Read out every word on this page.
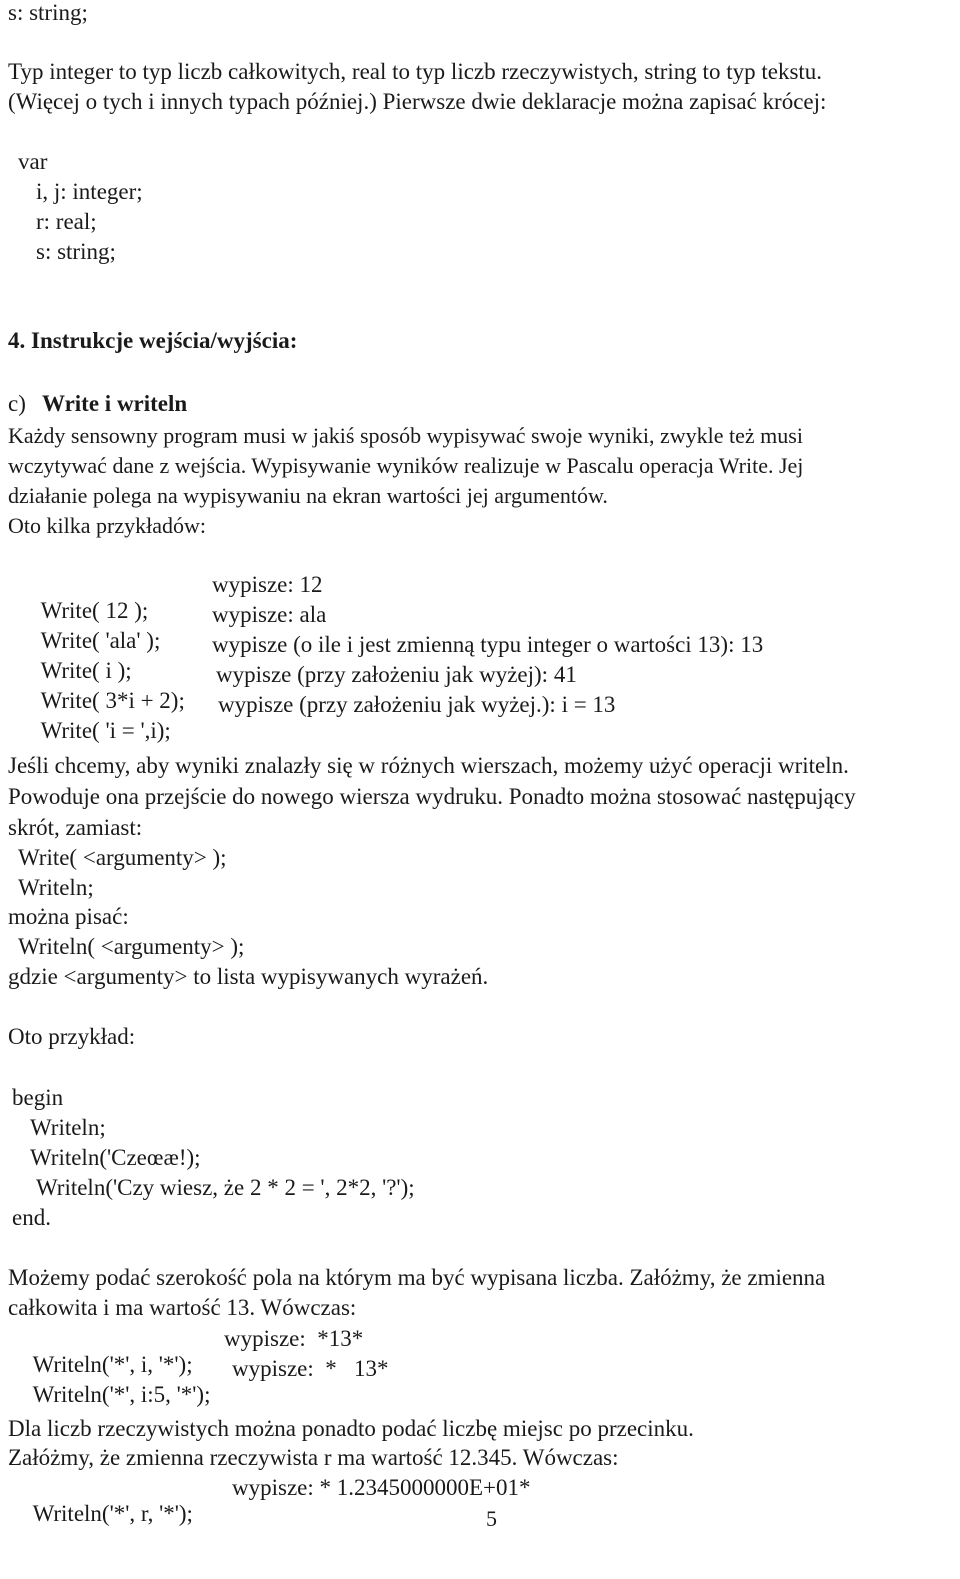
s: string;
Typ integer to typ liczb całkowitych, real to typ liczb rzeczywistych, string to typ tekstu.
(Więcej o tych i innych typach później.) Pierwsze dwie deklaracje można zapisać krócej:
var
i, j: integer;
r: real;
s: string;
4. Instrukcje wejścia/wyjścia:
c) Write i writeln
Każdy sensowny program musi w jakiś sposób wypisywać swoje wyniki, zwykle też musi
wczytywać dane z wejścia. Wypisywanie wyników realizuje w Pascalu operacja Write. Jej
działanie polega na wypisywaniu na ekran wartości jej argumentów.
Oto kilka przykładów:

Write( 12 );

wypisze: 12

Write( 'ala' );

wypisze: ala

Write( i );

wypisze (o ile i jest zmienną typu integer o wartości 13): 13

Write( 3*i + 2);

wypisze (przy założeniu jak wyżej): 41

Write( 'i = ',i);

wypisze (przy założeniu jak wyżej.): i = 13

Jeśli chcemy, aby wyniki znalazły się w różnych wierszach, możemy użyć operacji writeln.
Powoduje ona przejście do nowego wiersza wydruku. Ponadto można stosować następujący
skrót, zamiast:
Write( <argumenty> );
Writeln;
można pisać:
Writeln( <argumenty> );
gdzie <argumenty> to lista wypisywanych wyrażeń.
Oto przykład:
begin
Writeln;
Writeln('Czeœæ!);
Writeln('Czy wiesz, że 2 * 2 = ', 2*2, '?');
end.
Możemy podać szerokość pola na którym ma być wypisana liczba. Załóżmy, że zmienna
całkowita i ma wartość 13. Wówczas:

Writeln('*', i, '*');

wypisze:  *13*

Writeln('*', i:5, '*');

wypisze:  *   13*

Dla liczb rzeczywistych można ponadto podać liczbę miejsc po przecinku.
Załóżmy, że zmienna rzeczywista r ma wartość 12.345. Wówczas:

Writeln('*', r, '*');

wypisze: * 1.2345000000E+01*

5
